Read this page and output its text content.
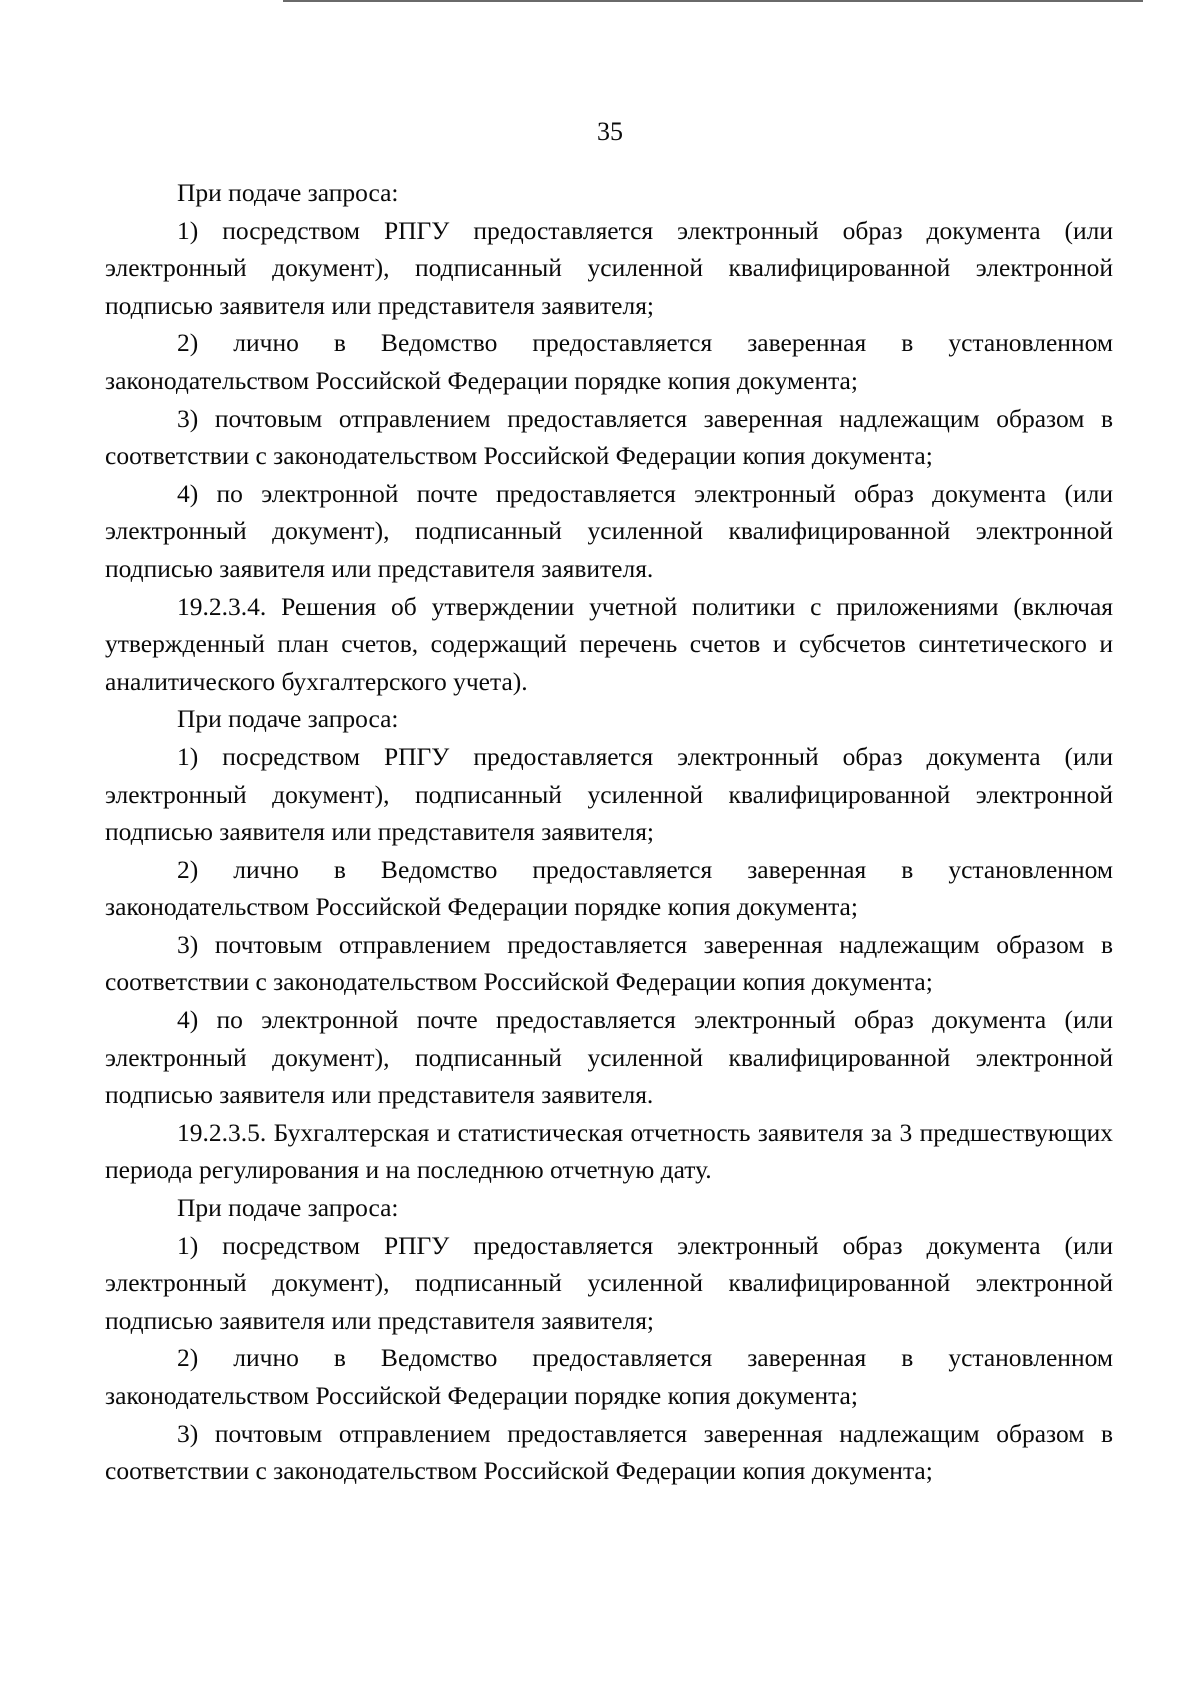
35

При подаче запроса:

1) посредством РПГУ предоставляется электронный образ документа (или электронный документ), подписанный усиленной квалифицированной электронной подписью заявителя или представителя заявителя;

2) лично в Ведомство предоставляется заверенная в установленном законодательством Российской Федерации порядке копия документа;

3) почтовым отправлением предоставляется заверенная надлежащим образом в соответствии с законодательством Российской Федерации копия документа;

4) по электронной почте предоставляется электронный образ документа (или электронный документ), подписанный усиленной квалифицированной электронной подписью заявителя или представителя заявителя.

19.2.3.4. Решения об утверждении учетной политики с приложениями (включая утвержденный план счетов, содержащий перечень счетов и субсчетов синтетического и аналитического бухгалтерского учета).

При подаче запроса:

1) посредством РПГУ предоставляется электронный образ документа (или электронный документ), подписанный усиленной квалифицированной электронной подписью заявителя или представителя заявителя;

2) лично в Ведомство предоставляется заверенная в установленном законодательством Российской Федерации порядке копия документа;

3) почтовым отправлением предоставляется заверенная надлежащим образом в соответствии с законодательством Российской Федерации копия документа;

4) по электронной почте предоставляется электронный образ документа (или электронный документ), подписанный усиленной квалифицированной электронной подписью заявителя или представителя заявителя.

19.2.3.5. Бухгалтерская и статистическая отчетность заявителя за 3 предшествующих периода регулирования и на последнюю отчетную дату.

При подаче запроса:

1) посредством РПГУ предоставляется электронный образ документа (или электронный документ), подписанный усиленной квалифицированной электронной подписью заявителя или представителя заявителя;

2) лично в Ведомство предоставляется заверенная в установленном законодательством Российской Федерации порядке копия документа;

3) почтовым отправлением предоставляется заверенная надлежащим образом в соответствии с законодательством Российской Федерации копия документа;
